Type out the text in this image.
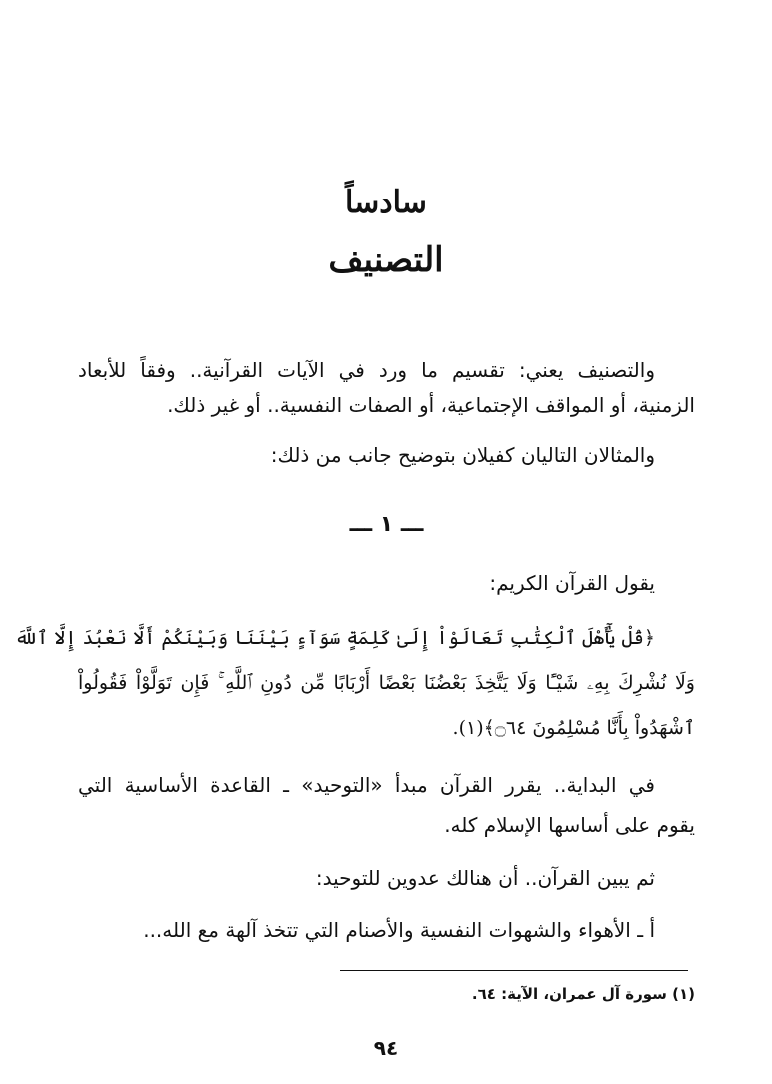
سادساً
التصنيف
والتصنيف يعني: تقسيم ما ورد في الآيات القرآنية.. وفقاً للأبعاد
الزمنية، أو المواقف الإجتماعية، أو الصفات النفسية.. أو غير ذلك.
والمثالان التاليان كفيلان بتوضيح جانب من ذلك:
ـــ ١ ـــ
يقول القرآن الكريم:
﴿قُلْ يَٰٓأَهْلَ ٱلْكِتَٰبِ تَعَالَوْاْ إِلَىٰ كَلِمَةٍ سَوَآءٍ بَيْنَنَا وَبَيْنَكُمْ أَلَّا نَعْبُدَ إِلَّا ٱللَّهَ
وَلَا نُشْرِكَ بِهِۦ شَيْـًٔا وَلَا يَتَّخِذَ بَعْضُنَا بَعْضًا أَرْبَابًا مِّن دُونِ ٱللَّهِ ۚ فَإِن تَوَلَّوْاْ فَقُولُواْ
ٱشْهَدُواْ بِأَنَّا مُسْلِمُونَ ۝٦٤﴾(١).
في البداية.. يقرر القرآن مبدأ «التوحيد» ـ القاعدة الأساسية التي
يقوم على أساسها الإسلام كله.
ثم يبين القرآن.. أن هنالك عدوين للتوحيد:
أ ـ الأهواء والشهوات النفسية والأصنام التي تتخذ آلهة مع الله...
(١) سورة آل عمران، الآية: ٦٤.
٩٤
